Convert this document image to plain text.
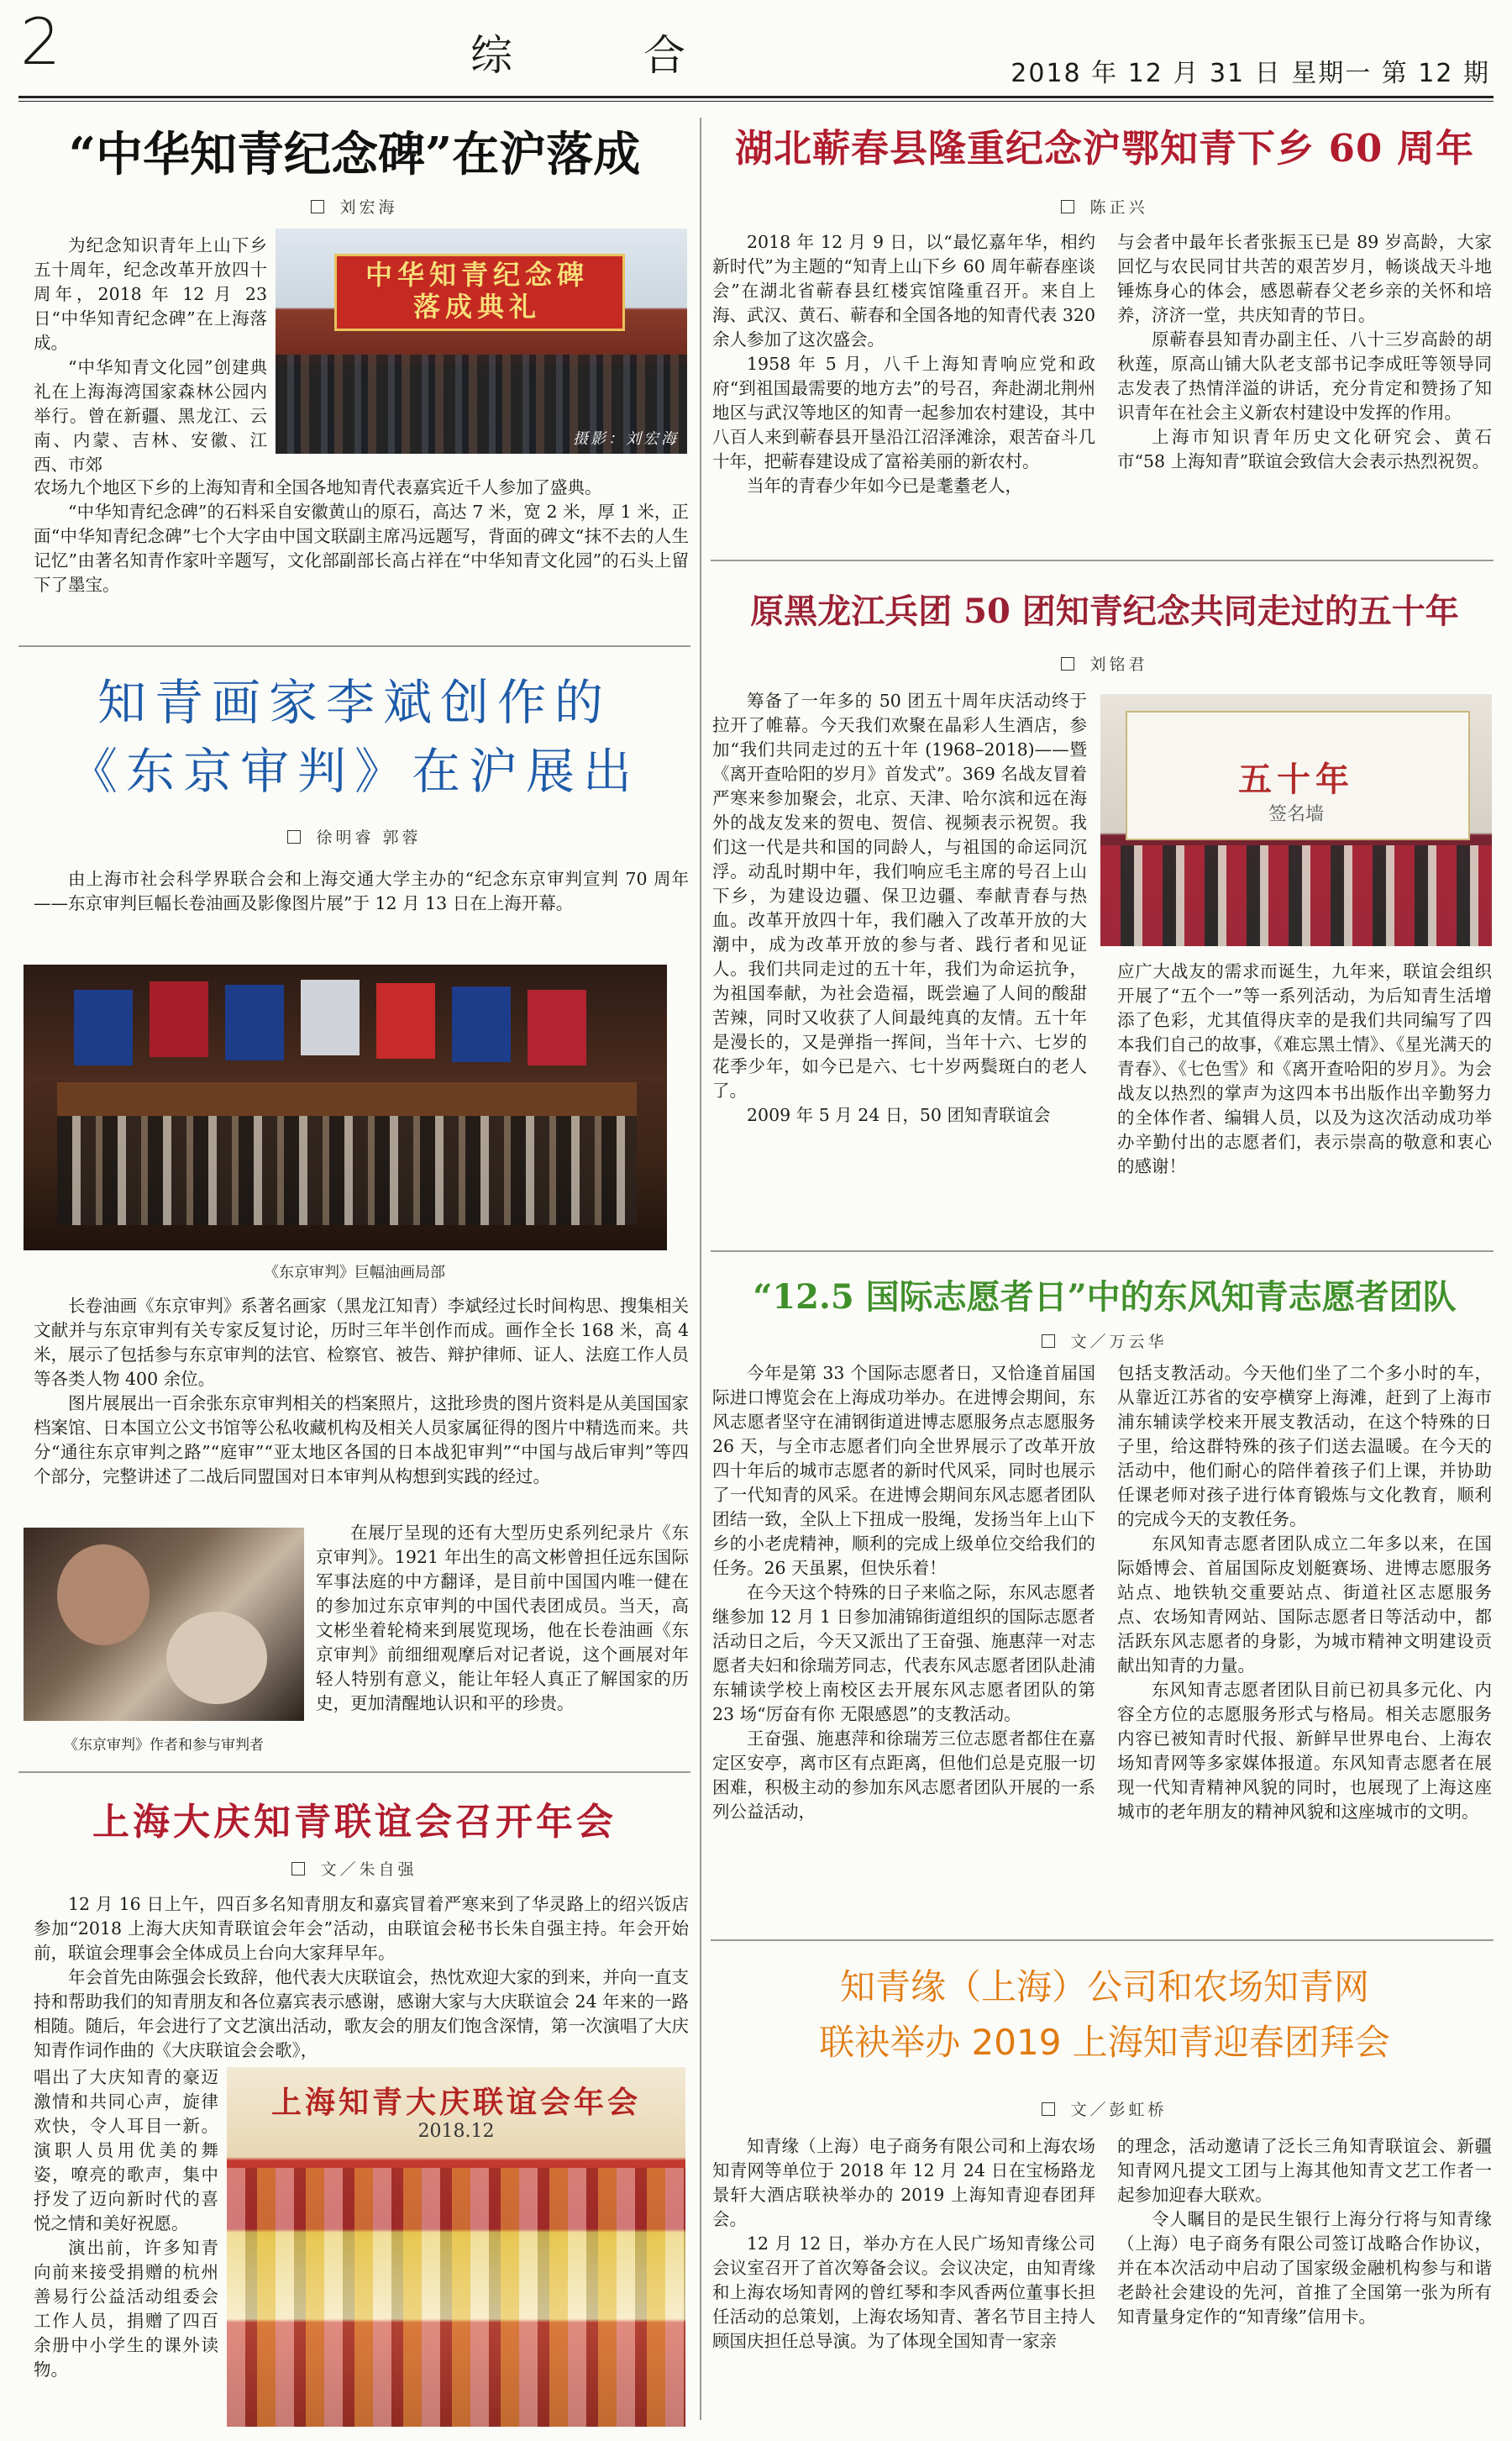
2	综 合	2018 年 12 月 31 日 星期一 第 12 期
“中华知青纪念碑”在沪落成
刘宏海

为纪念知识青年上山下乡五十周年，纪念改革开放四十周年，2018 年 12 月 23 日“中华知青纪念碑”在上海落成。

“中华知青文化园”创建典礼在上海海湾国家森林公园内举行。曾在新疆、黑龙江、云南、内蒙、吉林、安徽、江西、市郊

中华知青纪念碑 落成典礼
摄影：刘宏海

农场九个地区下乡的上海知青和全国各地知青代表嘉宾近千人参加了盛典。

“中华知青纪念碑”的石料采自安徽黄山的原石，高达 7 米，宽 2 米，厚 1 米，正面“中华知青纪念碑”七个大字由中国文联副主席冯远题写，背面的碑文“抹不去的人生记忆”由著名知青作家叶辛题写，文化部副部长高占祥在“中华知青文化园”的石头上留下了墨宝。

知青画家李斌创作的
《东京审判》在沪展出
徐明睿 郭蓉

由上海市社会科学界联合会和上海交通大学主办的“纪念东京审判宣判 70 周年——东京审判巨幅长卷油画及影像图片展”于 12 月 13 日在上海开幕。

《东京审判》巨幅油画局部

长卷油画《东京审判》系著名画家（黑龙江知青）李斌经过长时间构思、搜集相关文献并与东京审判有关专家反复讨论，历时三年半创作而成。画作全长 168 米，高 4 米，展示了包括参与东京审判的法官、检察官、被告、辩护律师、证人、法庭工作人员等各类人物 400 余位。

图片展展出一百余张东京审判相关的档案照片，这批珍贵的图片资料是从美国国家档案馆、日本国立公文书馆等公私收藏机构及相关人员家属征得的图片中精选而来。共分“通往东京审判之路”“庭审”“亚太地区各国的日本战犯审判”“中国与战后审判”等四个部分，完整讲述了二战后同盟国对日本审判从构想到实践的经过。

《东京审判》作者和参与审判者

在展厅呈现的还有大型历史系列纪录片《东京审判》。1921 年出生的高文彬曾担任远东国际军事法庭的中方翻译，是目前中国国内唯一健在的参加过东京审判的中国代表团成员。当天，高文彬坐着轮椅来到展览现场，他在长卷油画《东京审判》前细细观摩后对记者说，这个画展对年轻人特别有意义，能让年轻人真正了解国家的历史，更加清醒地认识和平的珍贵。

上海大庆知青联谊会召开年会
文／朱自强

12 月 16 日上午，四百多名知青朋友和嘉宾冒着严寒来到了华灵路上的绍兴饭店参加“2018 上海大庆知青联谊会年会”活动，由联谊会秘书长朱自强主持。年会开始前，联谊会理事会全体成员上台向大家拜早年。

年会首先由陈强会长致辞，他代表大庆联谊会，热忱欢迎大家的到来，并向一直支持和帮助我们的知青朋友和各位嘉宾表示感谢，感谢大家与大庆联谊会 24 年来的一路相随。随后，年会进行了文艺演出活动，歌友会的朋友们饱含深情，第一次演唱了大庆知青作词作曲的《大庆联谊会会歌》，

唱出了大庆知青的豪迈激情和共同心声，旋律欢快，令人耳目一新。演职人员用优美的舞姿，嘹亮的歌声，集中抒发了迈向新时代的喜悦之情和美好祝愿。

演出前，许多知青向前来接受捐赠的杭州善易行公益活动组委会工作人员，捐赠了四百余册中小学生的课外读物。

上海知青大庆联谊会年会
2018.12
湖北蕲春县隆重纪念沪鄂知青下乡 60 周年
陈正兴

2018 年 12 月 9 日，以“最忆嘉年华，相约新时代”为主题的“知青上山下乡 60 周年蕲春座谈会”在湖北省蕲春县红楼宾馆隆重召开。来自上海、武汉、黄石、蕲春和全国各地的知青代表 320 余人参加了这次盛会。

1958 年 5 月，八千上海知青响应党和政府“到祖国最需要的地方去”的号召，奔赴湖北荆州地区与武汉等地区的知青一起参加农村建设，其中八百人来到蕲春县开垦沿江沼泽滩涂，艰苦奋斗几十年，把蕲春建设成了富裕美丽的新农村。

当年的青春少年如今已是耄耋老人，

与会者中最年长者张振玉已是 89 岁高龄，大家回忆与农民同甘共苦的艰苦岁月，畅谈战天斗地锤炼身心的体会，感恩蕲春父老乡亲的关怀和培养，济济一堂，共庆知青的节日。

原蕲春县知青办副主任、八十三岁高龄的胡秋莲，原高山铺大队老支部书记李成旺等领导同志发表了热情洋溢的讲话，充分肯定和赞扬了知识青年在社会主义新农村建设中发挥的作用。

上海市知识青年历史文化研究会、黄石市“58 上海知青”联谊会致信大会表示热烈祝贺。

原黑龙江兵团 50 团知青纪念共同走过的五十年
刘铭君

筹备了一年多的 50 团五十周年庆活动终于拉开了帷幕。今天我们欢聚在晶彩人生酒店，参加“我们共同走过的五十年 (1968–2018)——暨《离开查哈阳的岁月》首发式”。369 名战友冒着严寒来参加聚会，北京、天津、哈尔滨和远在海外的战友发来的贺电、贺信、视频表示祝贺。我们这一代是共和国的同龄人，与祖国的命运同沉浮。动乱时期中年，我们响应毛主席的号召上山下乡，为建设边疆、保卫边疆、奉献青春与热血。改革开放四十年，我们融入了改革开放的大潮中，成为改革开放的参与者、践行者和见证人。我们共同走过的五十年，我们为命运抗争，为祖国奉献，为社会造福，既尝遍了人间的酸甜苦辣，同时又收获了人间最纯真的友情。五十年是漫长的，又是弹指一挥间，当年十六、七岁的花季少年，如今已是六、七十岁两鬓斑白的老人了。

2009 年 5 月 24 日，50 团知青联谊会

五十年
签名墙

应广大战友的需求而诞生，九年来，联谊会组织开展了“五个一”等一系列活动，为后知青生活增添了色彩，尤其值得庆幸的是我们共同编写了四本我们自己的故事，《难忘黑土情》、《星光满天的青春》、《七色雪》和《离开查哈阳的岁月》。为会战友以热烈的掌声为这四本书出版作出辛勤努力的全体作者、编辑人员，以及为这次活动成功举办辛勤付出的志愿者们，表示崇高的敬意和衷心的感谢！

“12.5 国际志愿者日”中的东风知青志愿者团队
文／万云华

今年是第 33 个国际志愿者日，又恰逢首届国际进口博览会在上海成功举办。在进博会期间，东风志愿者坚守在浦钢街道进博志愿服务点志愿服务 26 天，与全市志愿者们向全世界展示了改革开放四十年后的城市志愿者的新时代风采，同时也展示了一代知青的风采。在进博会期间东风志愿者团队团结一致，全队上下扭成一股绳，发扬当年上山下乡的小老虎精神，顺利的完成上级单位交给我们的任务。26 天虽累，但快乐着！

在今天这个特殊的日子来临之际，东风志愿者继参加 12 月 1 日参加浦锦街道组织的国际志愿者活动日之后，今天又派出了王奋强、施惠萍一对志愿者夫妇和徐瑞芳同志，代表东风志愿者团队赴浦东辅读学校上南校区去开展东风志愿者团队的第 23 场“厉奋有你 无限感恩”的支教活动。

王奋强、施惠萍和徐瑞芳三位志愿者都住在嘉定区安亭，离市区有点距离，但他们总是克服一切困难，积极主动的参加东风志愿者团队开展的一系列公益活动，

包括支教活动。今天他们坐了二个多小时的车，从靠近江苏省的安亭横穿上海滩，赶到了上海市浦东辅读学校来开展支教活动，在这个特殊的日子里，给这群特殊的孩子们送去温暖。在今天的活动中，他们耐心的陪伴着孩子们上课，并协助任课老师对孩子进行体育锻炼与文化教育，顺利的完成今天的支教任务。

东风知青志愿者团队成立二年多以来，在国际婚博会、首届国际皮划艇赛场、进博志愿服务站点、地铁轨交重要站点、街道社区志愿服务点、农场知青网站、国际志愿者日等活动中，都活跃东风志愿者的身影，为城市精神文明建设贡献出知青的力量。

东风知青志愿者团队目前已初具多元化、内容全方位的志愿服务形式与格局。相关志愿服务内容已被知青时代报、新鲜早世界电台、上海农场知青网等多家媒体报道。东风知青志愿者在展现一代知青精神风貌的同时，也展现了上海这座城市的老年朋友的精神风貌和这座城市的文明。

知青缘（上海）公司和农场知青网
联袂举办 2019 上海知青迎春团拜会
文／彭虹桥

知青缘（上海）电子商务有限公司和上海农场知青网等单位于 2018 年 12 月 24 日在宝杨路龙景轩大酒店联袂举办的 2019 上海知青迎春团拜会。

12 月 12 日，举办方在人民广场知青缘公司会议室召开了首次筹备会议。会议决定，由知青缘和上海农场知青网的曾红琴和李风香两位董事长担任活动的总策划，上海农场知青、著名节目主持人顾国庆担任总导演。为了体现全国知青一家亲

的理念，活动邀请了泛长三角知青联谊会、新疆知青网凡提文工团与上海其他知青文艺工作者一起参加迎春大联欢。

令人瞩目的是民生银行上海分行将与知青缘（上海）电子商务有限公司签订战略合作协议，并在本次活动中启动了国家级金融机构参与和谐老龄社会建设的先河，首推了全国第一张为所有知青量身定作的“知青缘”信用卡。
